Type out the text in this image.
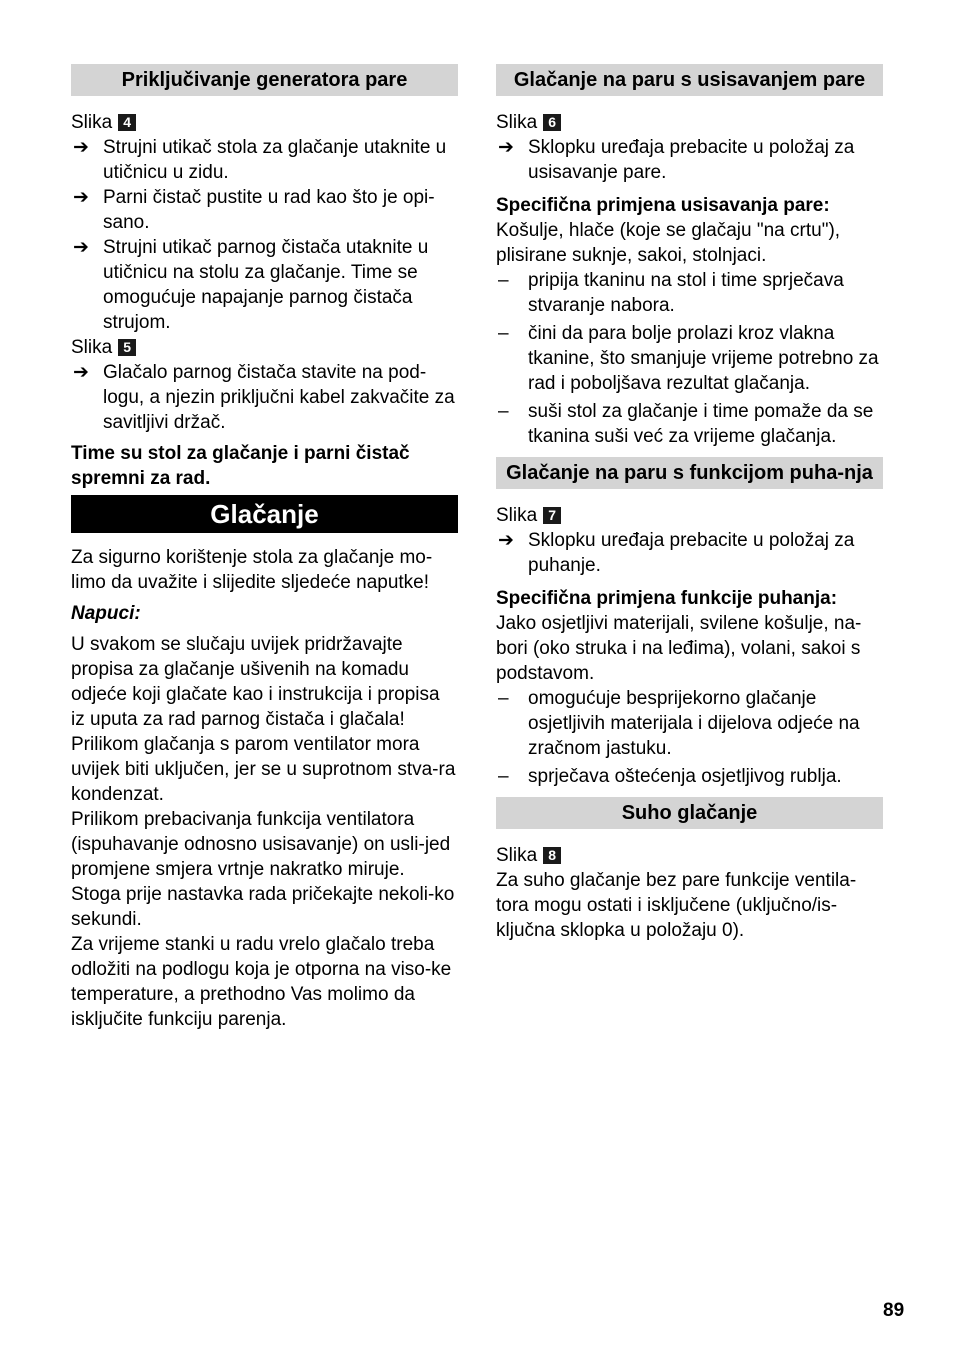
Priključivanje generatora pare
Slika 4
➔ Strujni utikač stola za glačanje utaknite u utičnicu u zidu.
➔ Parni čistač pustite u rad kao što je opi-sano.
➔ Strujni utikač parnog čistača utaknite u utičnicu na stolu za glačanje. Time se omogućuje napajanje parnog čistača strujom.
Slika 5
➔ Glačalo parnog čistača stavite na pod-logu, a njezin priključni kabel zakvačite za savitljivi držač.

Time su stol za glačanje i parni čistač spremni za rad.

Glačanje

Za sigurno korištenje stola za glačanje mo-limo da uvažite i slijedite sljedeće naputke!

Napuci:

U svakom se slučaju uvijek pridržavajte propisa za glačanje ušivenih na komadu odjeće koji glačate kao i instrukcija i propisa iz uputa za rad parnog čistača i glačala!

Prilikom glačanja s parom ventilator mora uvijek biti uključen, jer se u suprotnom stva-ra kondenzat.

Prilikom prebacivanja funkcija ventilatora (ispuhavanje odnosno usisavanje) on usli-jed promjene smjera vrtnje nakratko miruje. Stoga prije nastavka rada pričekajte nekoli-ko sekundi.

Za vrijeme stanki u radu vrelo glačalo treba odložiti na podlogu koja je otporna na viso-ke temperature, a prethodno Vas molimo da isključite funkciju parenja.

Glačanje na paru s usisavanjem pare
Slika 6
➔ Sklopku uređaja prebacite u položaj za usisavanje pare.

Specifična primjena usisavanja pare:

Košulje, hlače (koje se glačaju "na crtu"), plisirane suknje, sakoi, stolnjaci.

– pripija tkaninu na stol i time sprječava stvaranje nabora.
– čini da para bolje prolazi kroz vlakna tkanine, što smanjuje vrijeme potrebno za rad i poboljšava rezultat glačanja.
– suši stol za glačanje i time pomaže da se tkanina suši već za vrijeme glačanja.
Glačanje na paru s funkcijom puha-nja
Slika 7
➔ Sklopku uređaja prebacite u položaj za puhanje.

Specifična primjena funkcije puhanja:

Jako osjetljivi materijali, svilene košulje, na-bori (oko struka i na leđima), volani, sakoi s podstavom.

– omogućuje besprijekorno glačanje osjetljivih materijala i dijelova odjeće na zračnom jastuku.
– sprječava oštećenja osjetljivog rublja.
Suho glačanje
Slika 8

Za suho glačanje bez pare funkcije ventila-tora mogu ostati i isključene (uključno/is-ključna sklopka u položaju 0).

89
